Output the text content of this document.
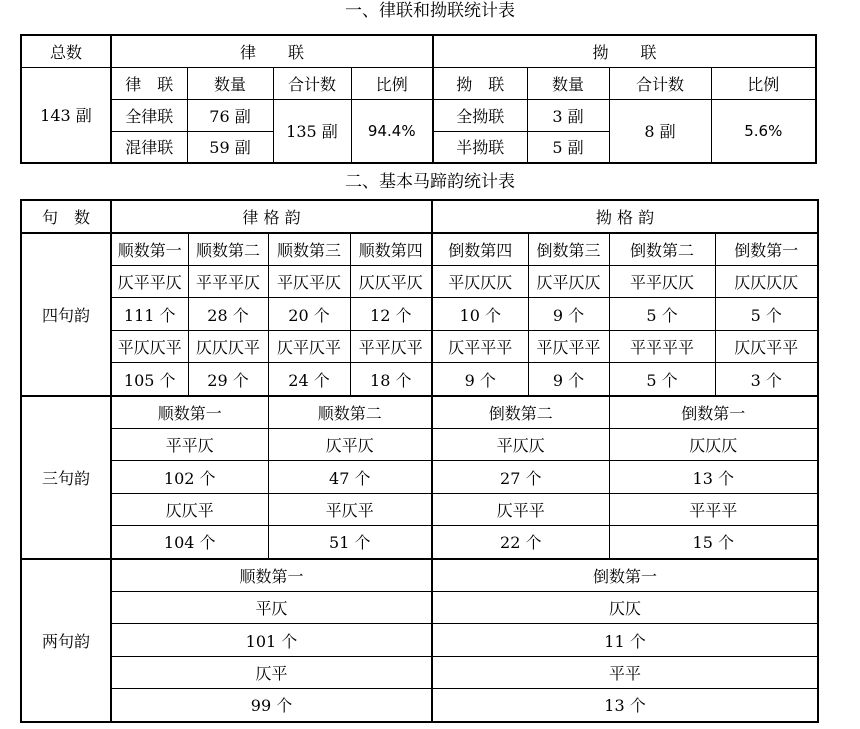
一、律联和拗联统计表
总数	律　　联				拗　　联			
143 副	律　联	数量	合计数	比例	拗　联	数量	合计数	比例
	全律联	76 副	135 副	94.4%	全拗联	3 副	8 副	5.6%
	混律联	59 副			半拗联	5 副		
二、基本马蹄韵统计表
句　数	律 格 韵				拗 格 韵			
四句韵	顺数第一	顺数第二	顺数第三	顺数第四	倒数第四	倒数第三	倒数第二	倒数第一
	仄平平仄	平平平仄	平仄平仄	仄仄平仄	平仄仄仄	仄平仄仄	平平仄仄	仄仄仄仄
	111 个	28 个	20 个	12 个	10 个	9 个	5 个	5 个
	平仄仄平	仄仄仄平	仄平仄平	平平仄平	仄平平平	平仄平平	平平平平	仄仄平平
	105 个	29 个	24 个	18 个	9 个	9 个	5 个	3 个
三句韵	顺数第一		顺数第二		倒数第二		倒数第一	
	平平仄		仄平仄		平仄仄		仄仄仄	
	102 个		47 个		27 个		13 个	
	仄仄平		平仄平		仄平平		平平平	
	104 个		51 个		22 个		15 个	
两句韵	顺数第一				倒数第一			
	平仄				仄仄			
	101 个				11 个			
	仄平				平平			
	99 个				13 个			
